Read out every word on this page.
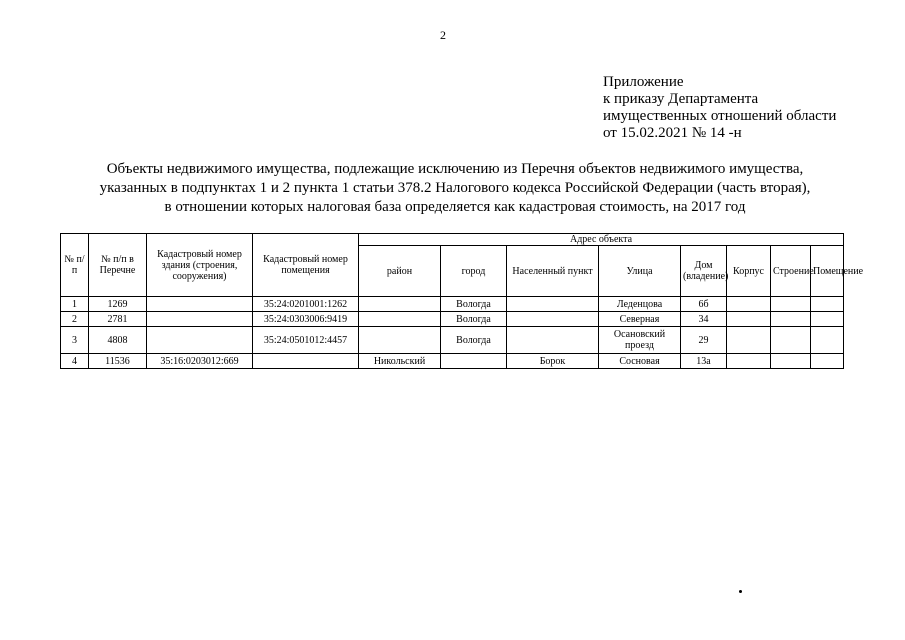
2
Приложение
к приказу Департамента
имущественных отношений области
от 15.02.2021 № 14 -н
Объекты недвижимого имущества, подлежащие исключению из Перечня объектов недвижимого имущества,
указанных в подпунктах 1 и 2 пункта 1 статьи 378.2 Налогового кодекса Российской Федерации (часть вторая),
в отношении которых налоговая база определяется как кадастровая стоимость, на 2017 год
№ п/п	№ п/п в Перечне	Кадастровый номер здания (строения, сооружения)	Кадастровый номер помещения	Адрес объекта							
				район	город	Населенный пункт	Улица	Дом (владение)	Корпус	Строение	Помещение
1	1269		35:24:0201001:1262		Вологда		Леденцова	6б			
2	2781		35:24:0303006:9419		Вологда		Северная	34			
3	4808		35:24:0501012:4457		Вологда		Осановский проезд	29			
4	11536	35:16:0203012:669		Никольский		Борок	Сосновая	13а			
